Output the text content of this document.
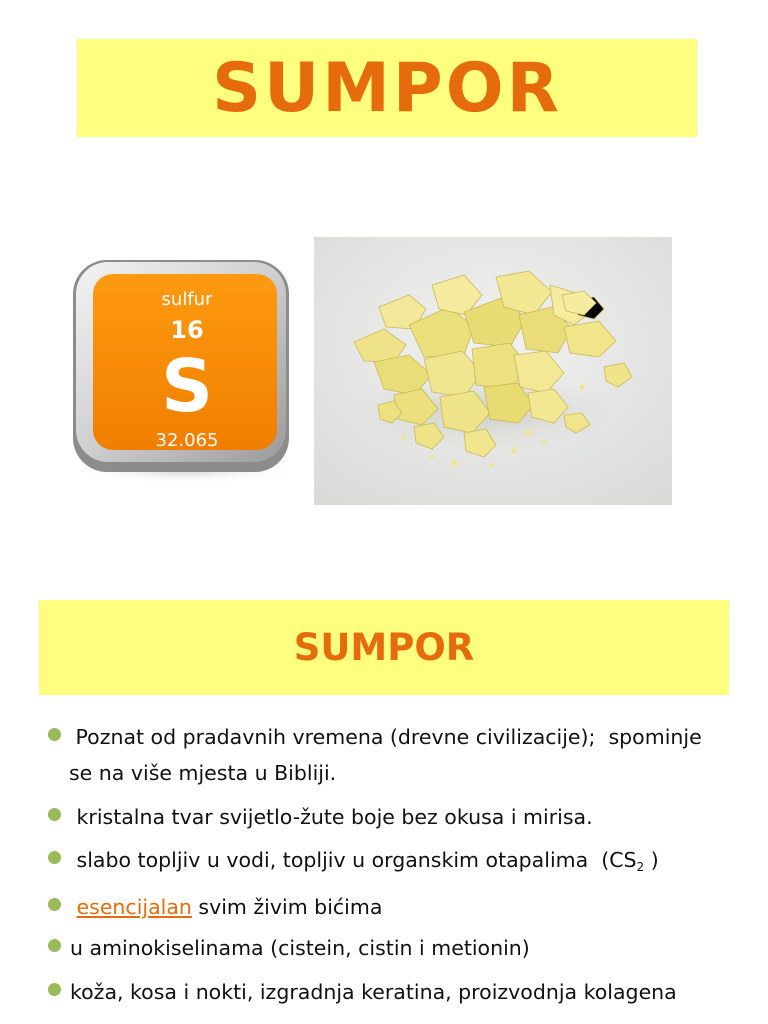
SUMPOR
sulfur
16
S
32.065
SUMPOR
Poznat od pradavnih vremena (drevne civilizacije);  spominje
se na više mjesta u Bibliji.
kristalna tvar svijetlo-žute boje bez okusa i mirisa.
slabo topljiv u vodi, topljiv u organskim otapalima  ($CS_2$ )
esencijalan svim živim bićima
u aminokiselinama (cistein, cistin i metionin)
koža, kosa i nokti, izgradnja keratina, proizvodnja kolagena
